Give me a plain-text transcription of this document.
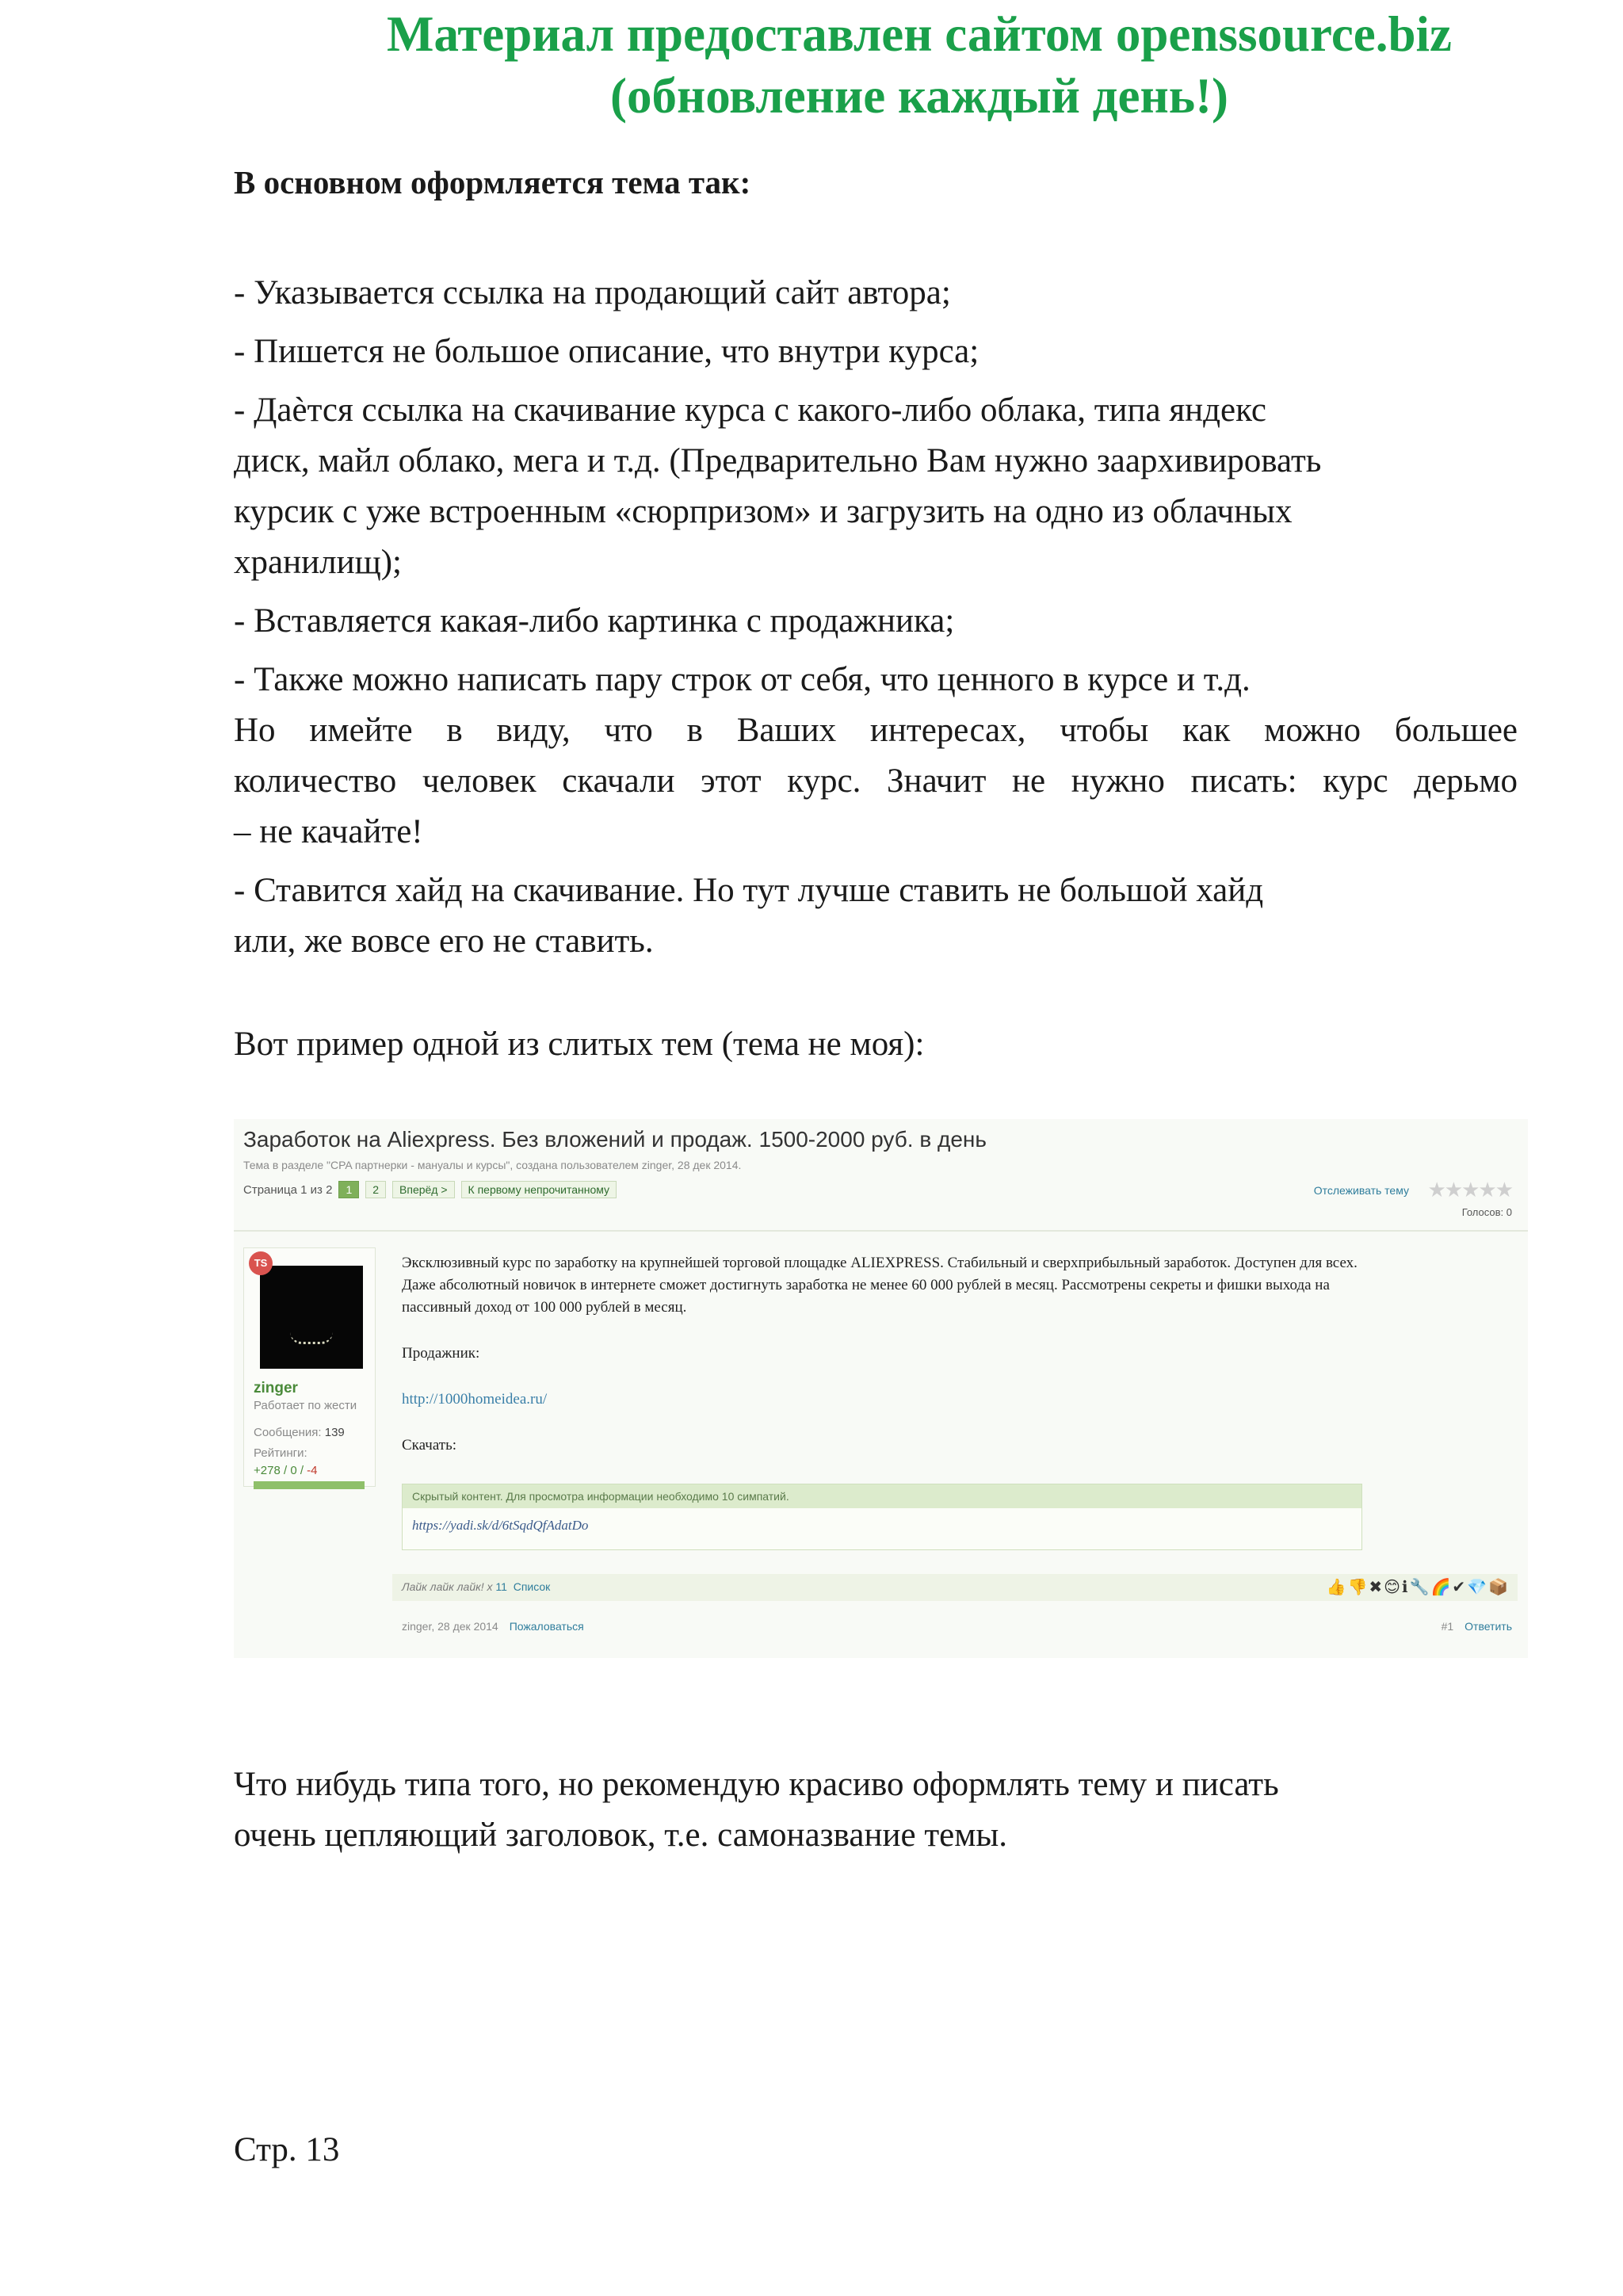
Материал предоставлен сайтом openssource.biz
(обновление каждый день!)
В основном оформляется тема так:
- Указывается ссылка на продающий сайт автора;
- Пишется не большое описание, что внутри курса;
- Даѐтся ссылка на скачивание курса с какого-либо облака, типа яндекс
диск, майл облако, мега и т.д. (Предварительно Вам нужно заархивировать
курсик с уже встроенным «сюрпризом» и загрузить на одно из облачных
хранилищ);
- Вставляется какая-либо картинка с продажника;
- Также можно написать пару строк от себя, что ценного в курсе и т.д.
Но имейте в виду, что в Ваших интересах, чтобы как можно большее
количество человек скачали этот курс. Значит не нужно писать: курс дерьмо
– не качайте!
- Ставится хайд на скачивание. Но тут лучше ставить не большой хайд
или, же вовсе его не ставить.
Вот пример одной из слитых тем (тема не моя):
Заработок на Aliexpress. Без вложений и продаж. 1500-2000 руб. в день
Тема в разделе "CPA партнерки - мануалы и курсы", создана пользователем zinger, 28 дек 2014.
Страница 1 из 2	1	2	Вперёд >	К первому непрочитанному	Отслеживать тему ★★★★★
Голосов: 0
TS
zinger
Работает по жести
Сообщения: 139
Рейтинги:
+278 / 0 / -4
Эксклюзивный курс по заработку на крупнейшей торговой площадке ALIEXPRESS. Стабильный и сверхприбыльный заработок. Доступен для всех.
Даже абсолютный новичок в интернете сможет достигнуть заработка не менее 60 000 рублей в месяц. Рассмотрены секреты и фишки выхода на
пассивный доход от 100 000 рублей в месяц.
Продажник:
http://1000homeidea.ru/
Скачать:
Скрытый контент. Для просмотра информации необходимо 10 симпатий.
https://yadi.sk/d/6tSqdQfAdatDo
Лайк лайк лайк! x 11 Список	👍👎✖😊ℹ🔧🌈✔💎📦
zinger, 28 дек 2014 Пожаловаться	#1 Ответить
Что нибудь типа того, но рекомендую красиво оформлять тему и писать
очень цепляющий заголовок, т.е. самоназвание темы.
Стр. 13
